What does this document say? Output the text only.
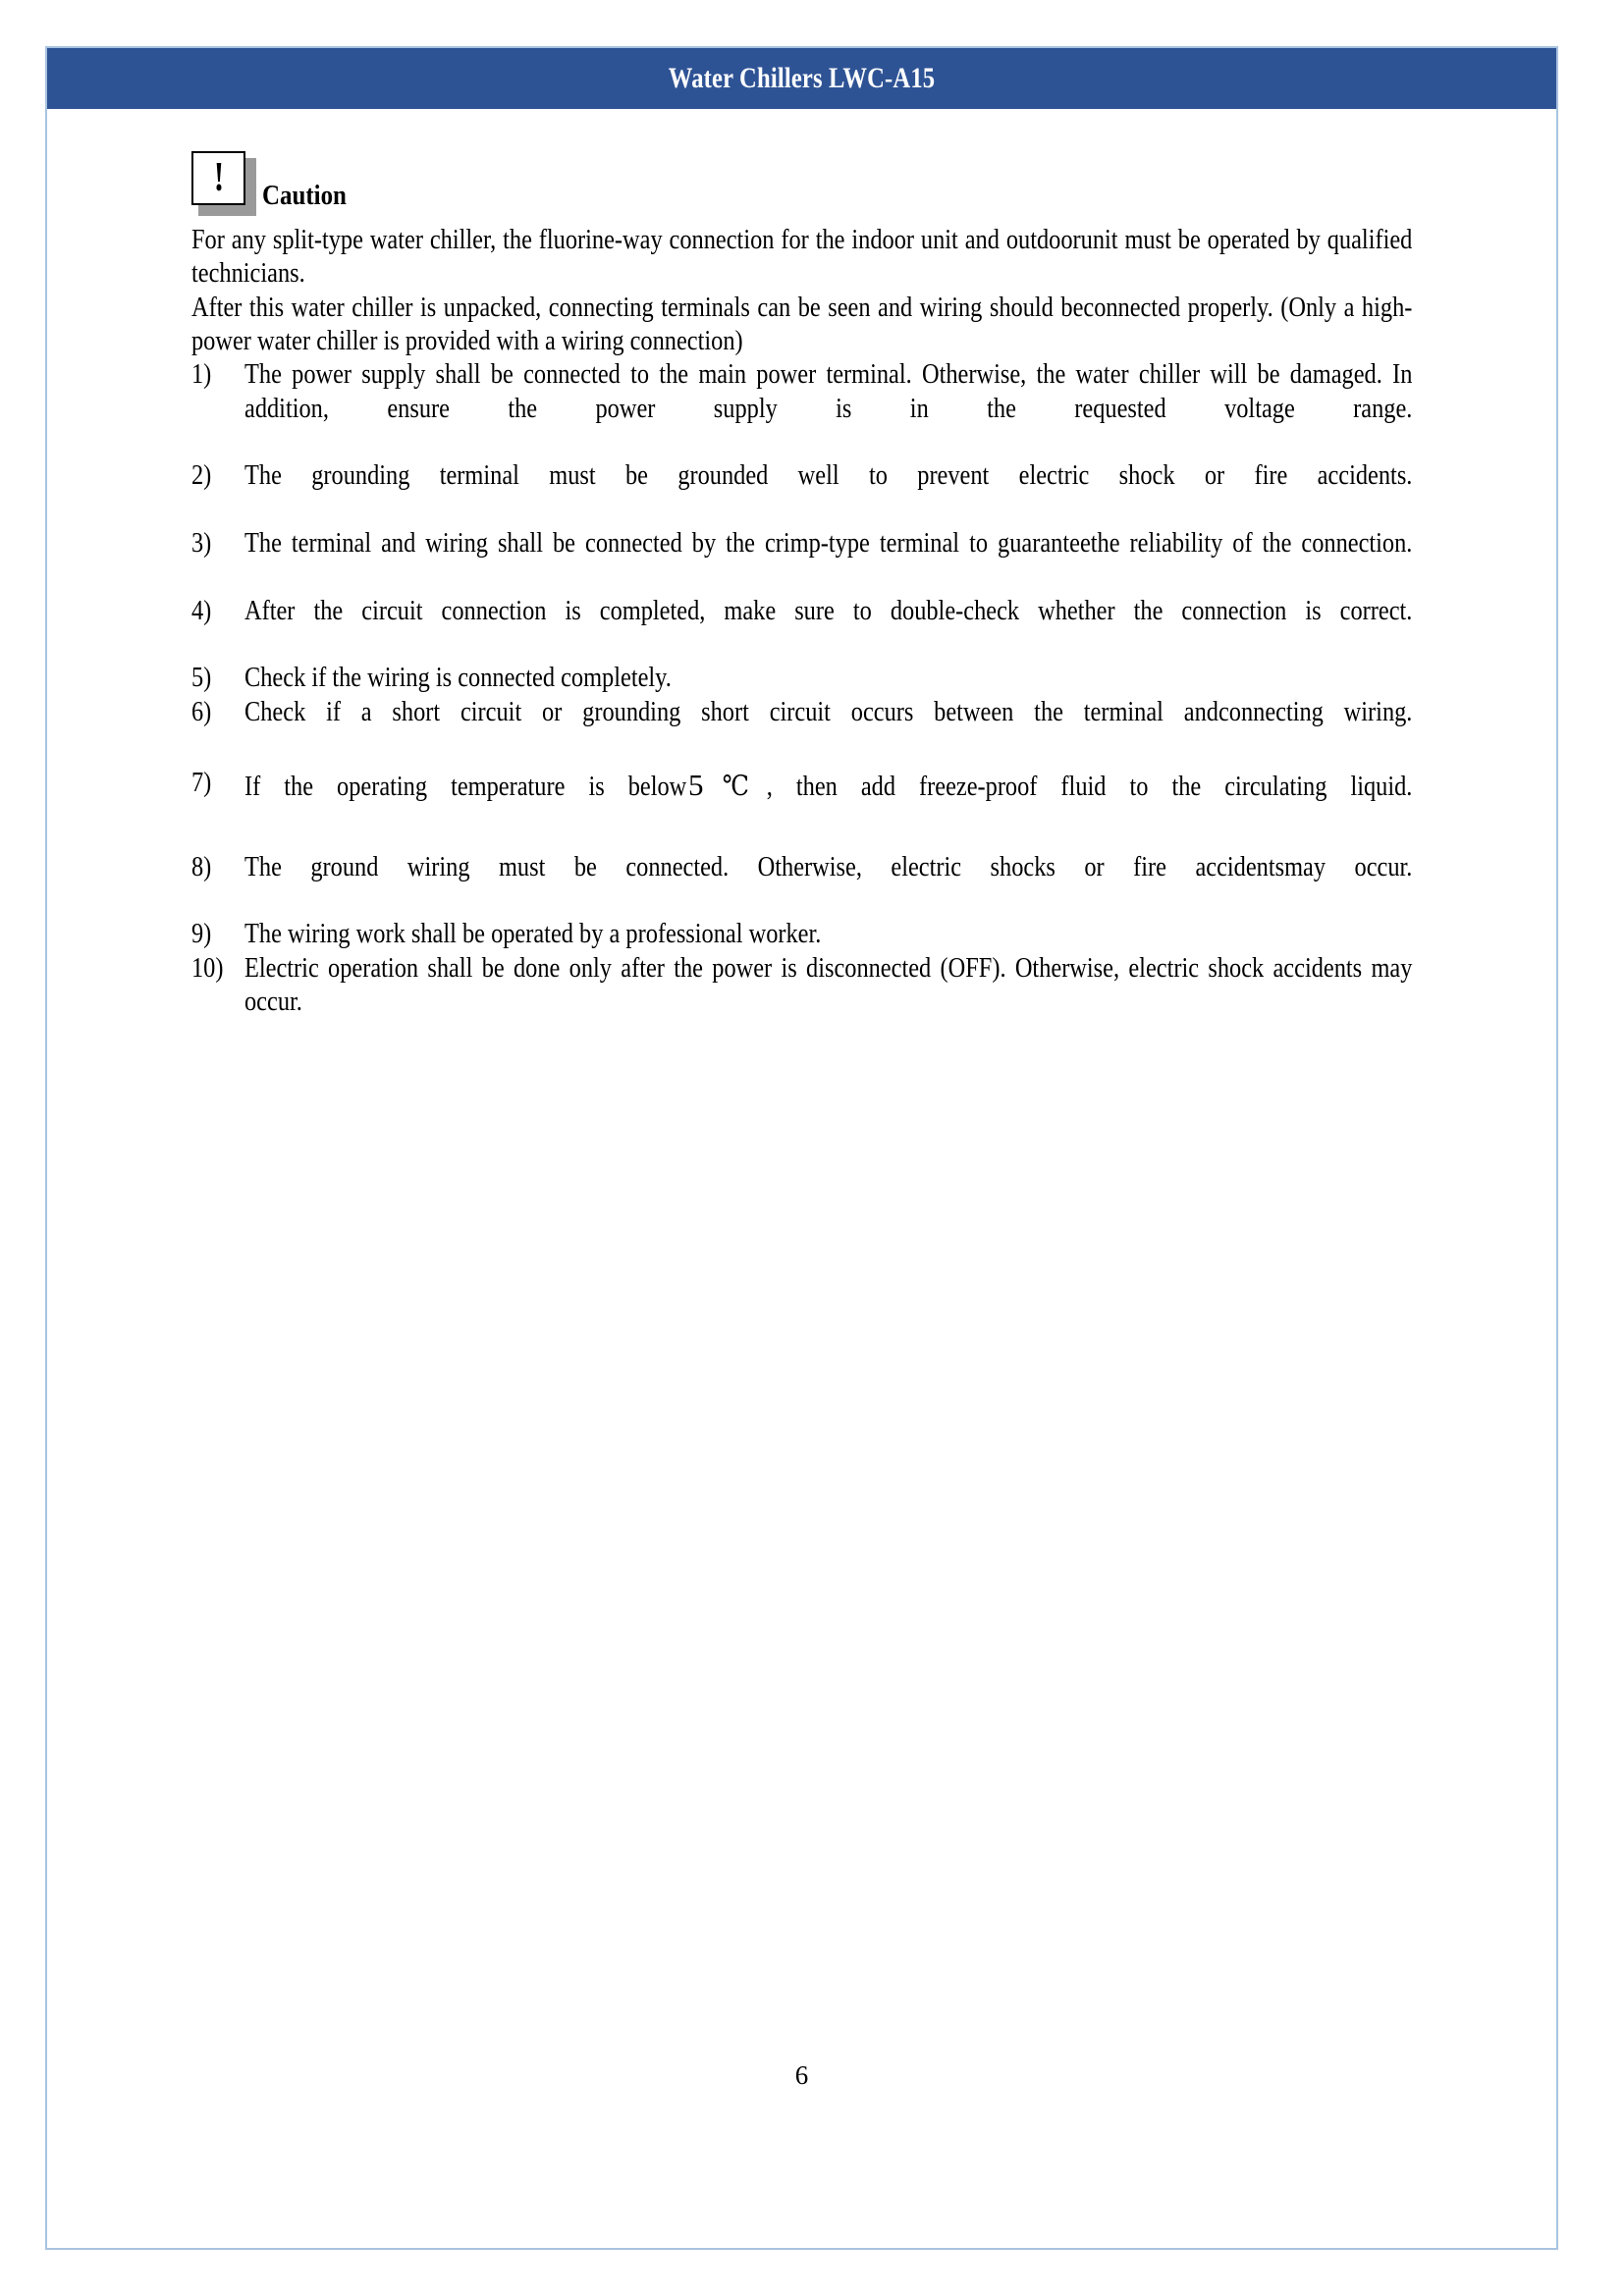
Water Chillers LWC-A15
! Caution

For any split-type water chiller, the fluorine-way connection for the indoor unit and outdoorunit must be operated by qualified technicians.

After this water chiller is unpacked, connecting terminals can be seen and wiring should beconnected properly. (Only a high-power water chiller is provided with a wiring connection)

1)	The power supply shall be connected to the main power terminal. Otherwise, the water chiller will be damaged. In addition, ensure the power supply is in the requested voltage range.
2)	The grounding terminal must be grounded well to prevent electric shock or fire accidents.
3)	The terminal and wiring shall be connected by the crimp-type terminal to guaranteethe reliability of the connection.
4)	After the circuit connection is completed, make sure to double-check whether the connection is correct.
5)	Check if the wiring is connected completely.
6)	Check if a short circuit or grounding short circuit occurs between the terminal andconnecting wiring.
7)	If the operating temperature is below5℃, then add freeze-proof fluid to the circulating liquid.
8)	The ground wiring must be connected. Otherwise, electric shocks or fire accidentsmay occur.
9)	The wiring work shall be operated by a professional worker.
10) Electric operation shall be done only after the power is disconnected (OFF). Otherwise, electric shock accidents may occur.
6
